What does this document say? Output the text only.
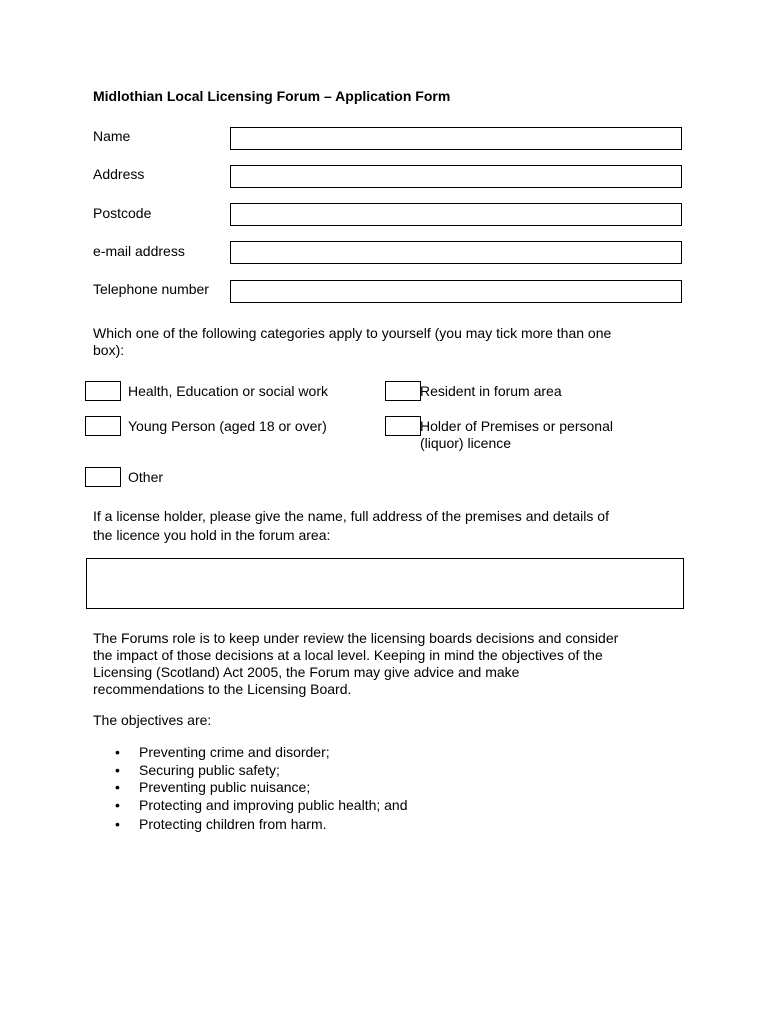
Midlothian Local Licensing Forum – Application Form
Name
Address
Postcode
e-mail address
Telephone number
Which one of the following categories apply to yourself (you may tick more than one
box):
Health, Education or social work	Resident in forum area
Young Person (aged 18 or over)	Holder of Premises or personal
(liquor) licence
Other
If a license holder, please give the name, full address of the premises and details of
the licence you hold in the forum area:
The Forums role is to keep under review the licensing boards decisions and consider
the impact of those decisions at a local level. Keeping in mind the objectives of the
Licensing (Scotland) Act 2005, the Forum may give advice and make
recommendations to the Licensing Board.
The objectives are:
• Preventing crime and disorder;
• Securing public safety;
• Preventing public nuisance;
• Protecting and improving public health; and
• Protecting children from harm.
